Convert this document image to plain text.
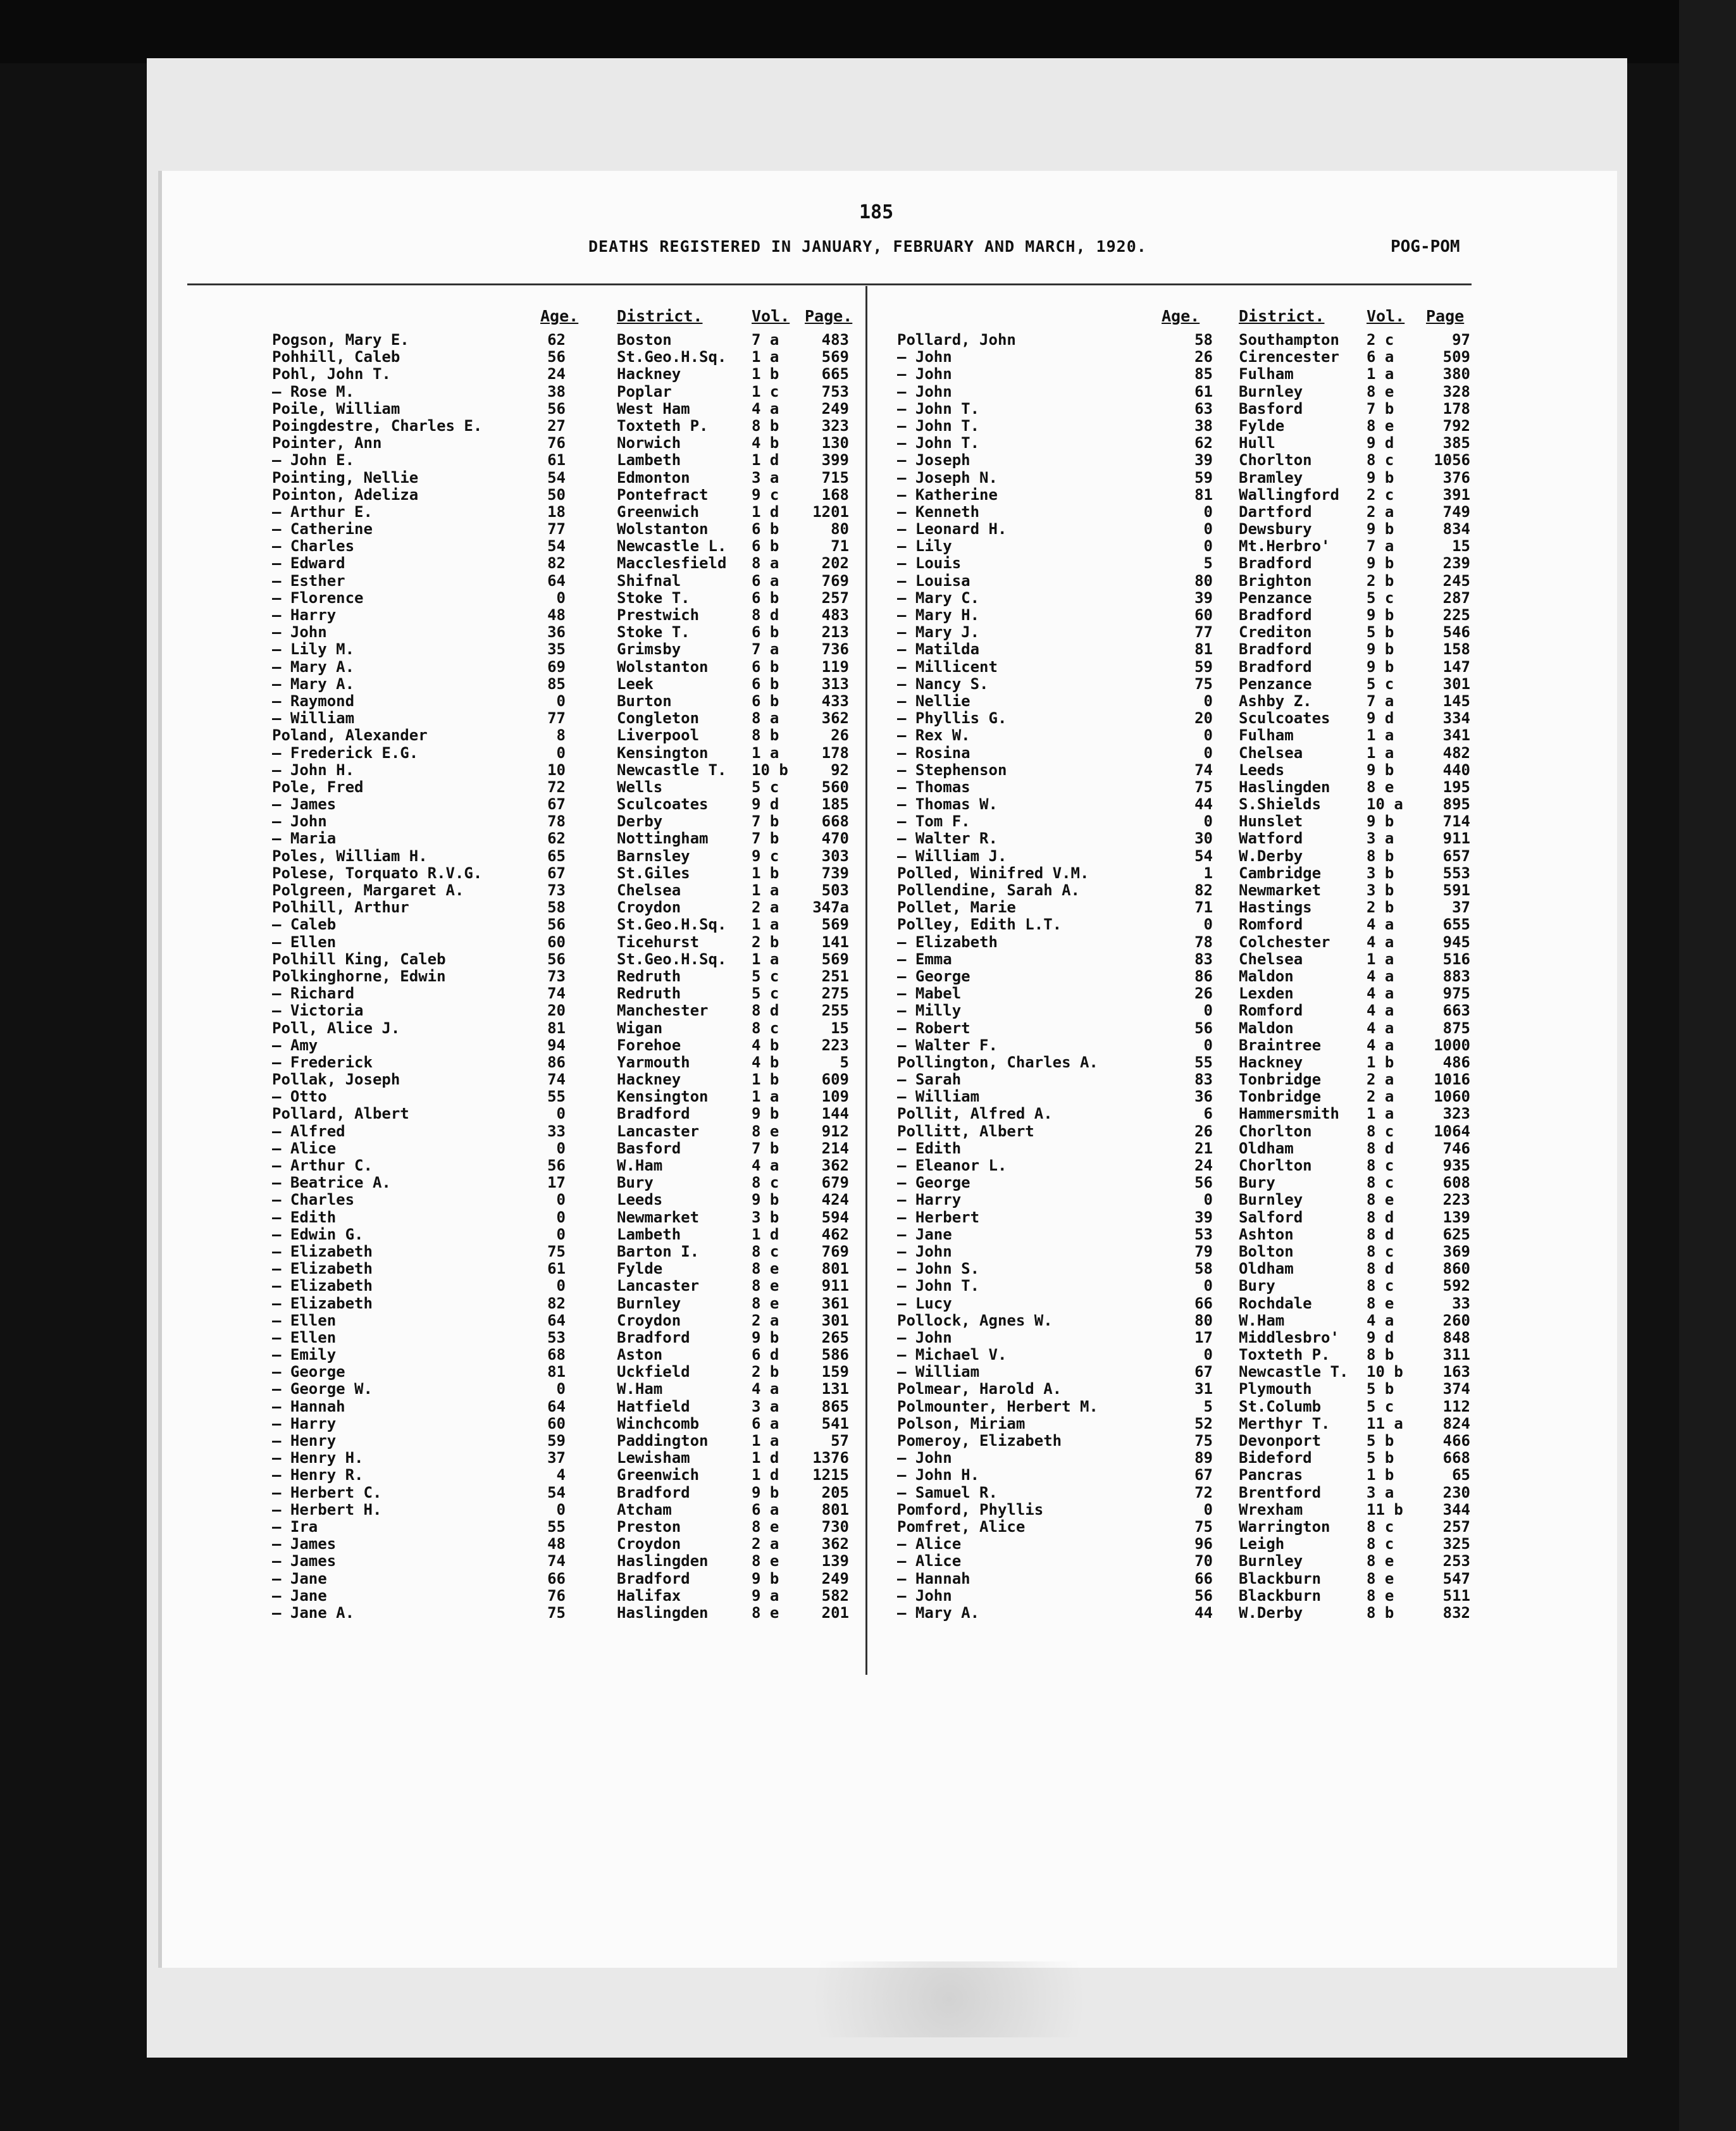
185
DEATHS REGISTERED IN JANUARY, FEBRUARY AND MARCH, 1920.	POG-POM
Age. District.	Vol. Page.
Pogson, Mary E.	62	Boston	7 a	483
Pohhill, Caleb	56	St.Geo.H.Sq. 1 a	569
Pohl, John T.	24	Hackney	1 b	665
— Rose M.	38	Poplar	1 c	753
Poile, William	56	West Ham	4 a	249
Poingdestre, Charles E.	27	Toxteth P.	8 b	323
Pointer, Ann	76	Norwich	4 b	130
— John E.	61	Lambeth	1 d	399
Pointing, Nellie	54	Edmonton	3 a	715
Pointon, Adeliza	50	Pontefract	9 c	168
— Arthur E.	18	Greenwich	1 d	1201
— Catherine	77	Wolstanton	6 b	80
— Charles	54	Newcastle L. 6 b	71
— Edward	82	Macclesfield 8 a	202
— Esther	64	Shifnal	6 a	769
— Florence	0	Stoke T.	6 b	257
— Harry	48	Prestwich	8 d	483
— John	36	Stoke T.	6 b	213
— Lily M.	35	Grimsby	7 a	736
— Mary A.	69	Wolstanton	6 b	119
— Mary A.	85	Leek	6 b	313
— Raymond	0	Burton	6 b	433
— William	77	Congleton	8 a	362
Poland, Alexander	8	Liverpool	8 b	26
— Frederick E.G.	0	Kensington	1 a	178
— John H.	10	Newcastle T. 10 b	92
Pole, Fred	72	Wells	5 c	560
— James	67	Sculcoates	9 d	185
— John	78	Derby	7 b	668
— Maria	62	Nottingham	7 b	470
Poles, William H.	65	Barnsley	9 c	303
Polese, Torquato R.V.G.	67	St.Giles	1 b	739
Polgreen, Margaret A.	73	Chelsea	1 a	503
Polhill, Arthur	58	Croydon	2 a	347a
— Caleb	56	St.Geo.H.Sq. 1 a	569
— Ellen	60	Ticehurst	2 b	141
Polhill King, Caleb	56	St.Geo.H.Sq. 1 a	569
Polkinghorne, Edwin	73	Redruth	5 c	251
— Richard	74	Redruth	5 c	275
— Victoria	20	Manchester	8 d	255
Poll, Alice J.	81	Wigan	8 c	15
— Amy	94	Forehoe	4 b	223
— Frederick	86	Yarmouth	4 b	5
Pollak, Joseph	74	Hackney	1 b	609
— Otto	55	Kensington	1 a	109
Pollard, Albert	0	Bradford	9 b	144
— Alfred	33	Lancaster	8 e	912
— Alice	0	Basford	7 b	214
— Arthur C.	56	W.Ham	4 a	362
— Beatrice A.	17	Bury	8 c	679
— Charles	0	Leeds	9 b	424
— Edith	0	Newmarket	3 b	594
— Edwin G.	0	Lambeth	1 d	462
— Elizabeth	75	Barton I.	8 c	769
— Elizabeth	61	Fylde	8 e	801
— Elizabeth	0	Lancaster	8 e	911
— Elizabeth	82	Burnley	8 e	361
— Ellen	64	Croydon	2 a	301
— Ellen	53	Bradford	9 b	265
— Emily	68	Aston	6 d	586
— George	81	Uckfield	2 b	159
— George W.	0	W.Ham	4 a	131
— Hannah	64	Hatfield	3 a	865
— Harry	60	Winchcomb	6 a	541
— Henry	59	Paddington	1 a	57
— Henry H.	37	Lewisham	1 d	1376
— Henry R.	4	Greenwich	1 d	1215
— Herbert C.	54	Bradford	9 b	205
— Herbert H.	0	Atcham	6 a	801
— Ira	55	Preston	8 e	730
— James	48	Croydon	2 a	362
— James	74	Haslingden	8 e	139
— Jane	66	Bradford	9 b	249
— Jane	76	Halifax	9 a	582
— Jane A.	75	Haslingden	8 e	201
Age. District.	Vol. Page
Pollard, John	58 Southampton 2 c	97
— John	26 Cirencester 6 a	509
— John	85 Fulham	1 a	380
— John	61 Burnley	8 e	328
— John T.	63 Basford	7 b	178
— John T.	38 Fylde	8 e	792
— John T.	62 Hull	9 d	385
— Joseph	39 Chorlton	8 c	1056
— Joseph N.	59 Bramley	9 b	376
— Katherine	81 Wallingford 2 c	391
— Kenneth	0 Dartford	2 a	749
— Leonard H.	0 Dewsbury	9 b	834
— Lily	0 Mt.Herbro' 7 a	15
— Louis	5 Bradford	9 b	239
— Louisa	80 Brighton	2 b	245
— Mary C.	39 Penzance	5 c	287
— Mary H.	60 Bradford	9 b	225
— Mary J.	77 Crediton	5 b	546
— Matilda	81 Bradford	9 b	158
— Millicent	59 Bradford	9 b	147
— Nancy S.	75 Penzance	5 c	301
— Nellie	0 Ashby Z.	7 a	145
— Phyllis G.	20 Sculcoates 9 d	334
— Rex W.	0 Fulham	1 a	341
— Rosina	0 Chelsea	1 a	482
— Stephenson	74 Leeds	9 b	440
— Thomas	75 Haslingden 8 e	195
— Thomas W.	44 S.Shields	10 a	895
— Tom F.	0 Hunslet	9 b	714
— Walter R.	30 Watford	3 a	911
— William J.	54 W.Derby	8 b	657
Polled, Winifred V.M.	1 Cambridge	3 b	553
Pollendine, Sarah A.	82 Newmarket	3 b	591
Pollet, Marie	71 Hastings	2 b	37
Polley, Edith L.T.	0 Romford	4 a	655
— Elizabeth	78 Colchester 4 a	945
— Emma	83 Chelsea	1 a	516
— George	86 Maldon	4 a	883
— Mabel	26 Lexden	4 a	975
— Milly	0 Romford	4 a	663
— Robert	56 Maldon	4 a	875
— Walter F.	0 Braintree	4 a	1000
Pollington, Charles A.	55 Hackney	1 b	486
— Sarah	83 Tonbridge	2 a	1016
— William	36 Tonbridge	2 a	1060
Pollit, Alfred A.	6 Hammersmith 1 a	323
Pollitt, Albert	26 Chorlton	8 c	1064
— Edith	21 Oldham	8 d	746
— Eleanor L.	24 Chorlton	8 c	935
— George	56 Bury	8 c	608
— Harry	0 Burnley	8 e	223
— Herbert	39 Salford	8 d	139
— Jane	53 Ashton	8 d	625
— John	79 Bolton	8 c	369
— John S.	58 Oldham	8 d	860
— John T.	0 Bury	8 c	592
— Lucy	66 Rochdale	8 e	33
Pollock, Agnes W.	80 W.Ham	4 a	260
— John	17 Middlesbro' 9 d	848
— Michael V.	0 Toxteth P. 8 b	311
— William	67 Newcastle T. 10 b	163
Polmear, Harold A.	31 Plymouth	5 b	374
Polmounter, Herbert M.	5 St.Columb	5 c	112
Polson, Miriam	52 Merthyr T. 11 a	824
Pomeroy, Elizabeth	75 Devonport	5 b	466
— John	89 Bideford	5 b	668
— John H.	67 Pancras	1 b	65
— Samuel R.	72 Brentford	3 a	230
Pomford, Phyllis	0 Wrexham	11 b	344
Pomfret, Alice	75 Warrington 8 c	257
— Alice	96 Leigh	8 c	325
— Alice	70 Burnley	8 e	253
— Hannah	66 Blackburn	8 e	547
— John	56 Blackburn	8 e	511
— Mary A.	44 W.Derby	8 b	832
